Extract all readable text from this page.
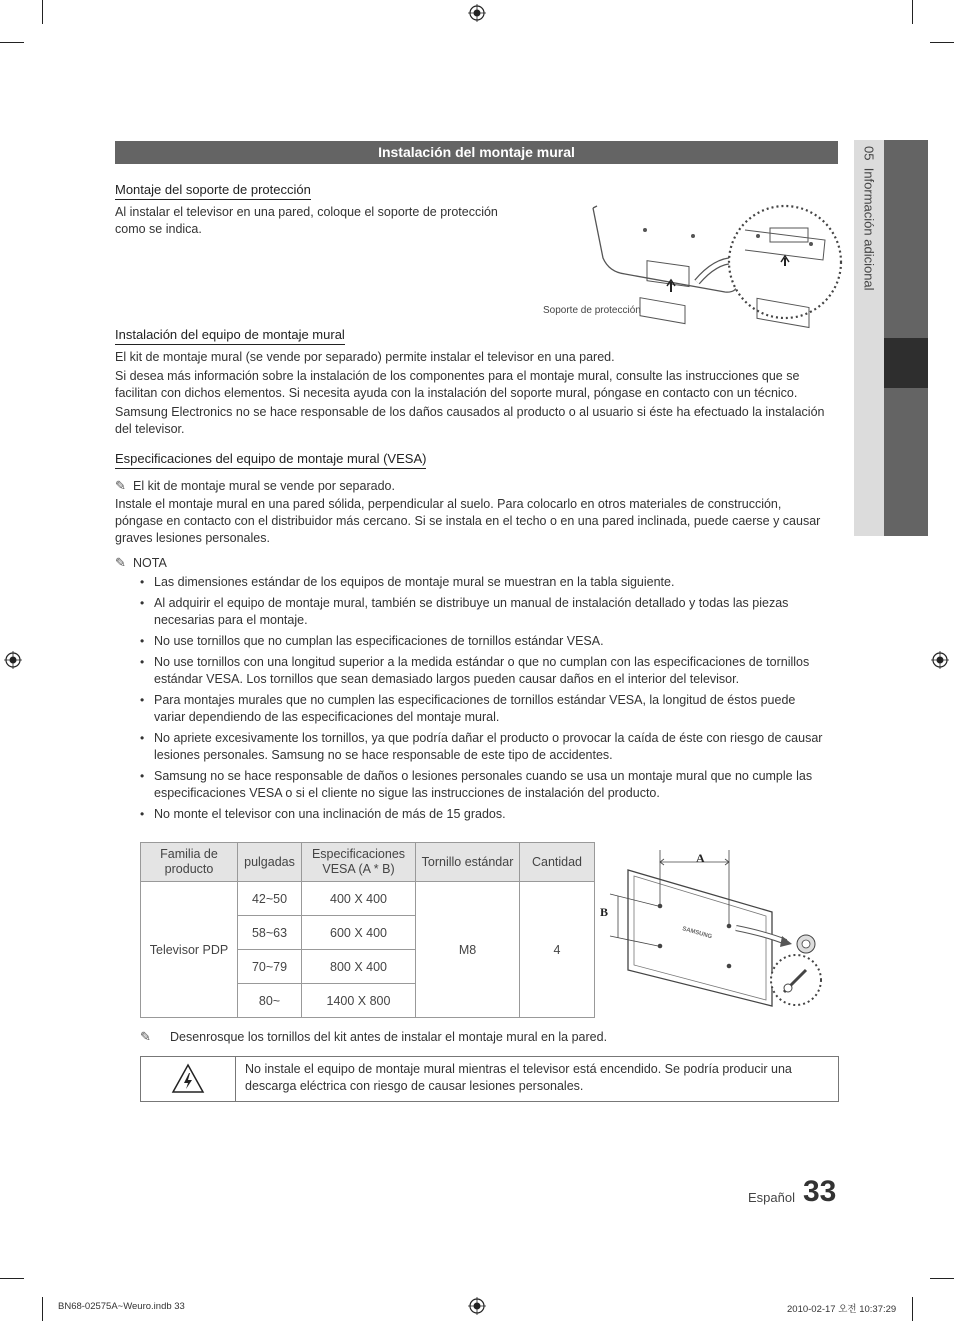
05  Información adicional
Instalación del montaje mural
Montaje del soporte de protección
Al instalar el televisor en una pared, coloque el soporte de protección como se indica.
Soporte de protección
Instalación del equipo de montaje mural
El kit de montaje mural (se vende por separado) permite instalar el televisor en una pared.
Si desea más información sobre la instalación de los componentes para el montaje mural, consulte las instrucciones que se facilitan con dichos elementos. Si necesita ayuda con la instalación del soporte mural, póngase en contacto con un técnico.
Samsung Electronics no se hace responsable de los daños causados al producto o al usuario si éste ha efectuado la instalación del televisor.
Especificaciones del equipo de montaje mural (VESA)
✎ El kit de montaje mural se vende por separado.
Instale el montaje mural en una pared sólida, perpendicular al suelo. Para colocarlo en otros materiales de construcción, póngase en contacto con el distribuidor más cercano. Si se instala en el techo o en una pared inclinada, puede caerse y causar graves lesiones personales.
✎ NOTA
• Las dimensiones estándar de los equipos de montaje mural se muestran en la tabla siguiente.
• Al adquirir el equipo de montaje mural, también se distribuye un manual de instalación detallado y todas las piezas necesarias para el montaje.
• No use tornillos que no cumplan las especificaciones de tornillos estándar VESA.
• No use tornillos con una longitud superior a la medida estándar o que no cumplan con las especificaciones de tornillos estándar VESA. Los tornillos que sean demasiado largos pueden causar daños en el interior del televisor.
• Para montajes murales que no cumplen las especificaciones de tornillos estándar VESA, la longitud de éstos puede variar dependiendo de las especificaciones del montaje mural.
• No apriete excesivamente los tornillos, ya que podría dañar el producto o provocar la caída de éste con riesgo de causar lesiones personales. Samsung no se hace responsable de este tipo de accidentes.
• Samsung no se hace responsable de daños o lesiones personales cuando se usa un montaje mural que no cumple las especificaciones VESA o si el cliente no sigue las instrucciones de instalación del producto.
• No monte el televisor con una inclinación de más de 15 grados.
Familia de producto	pulgadas	Especificaciones VESA (A * B)	Tornillo estándar	Cantidad
Televisor PDP	42~50	400 X 400	M8	4
	58~63	600 X 400		
	70~79	800 X 400		
	80~	1400 X 800		
A
B
SAMSUNG
✎ Desenrosque los tornillos del kit antes de instalar el montaje mural en la pared.
No instale el equipo de montaje mural mientras el televisor está encendido. Se podría producir una descarga eléctrica con riesgo de causar lesiones personales.
Español 33
BN68-02575A~Weuro.indb 33	2010-02-17 오전 10:37:29
